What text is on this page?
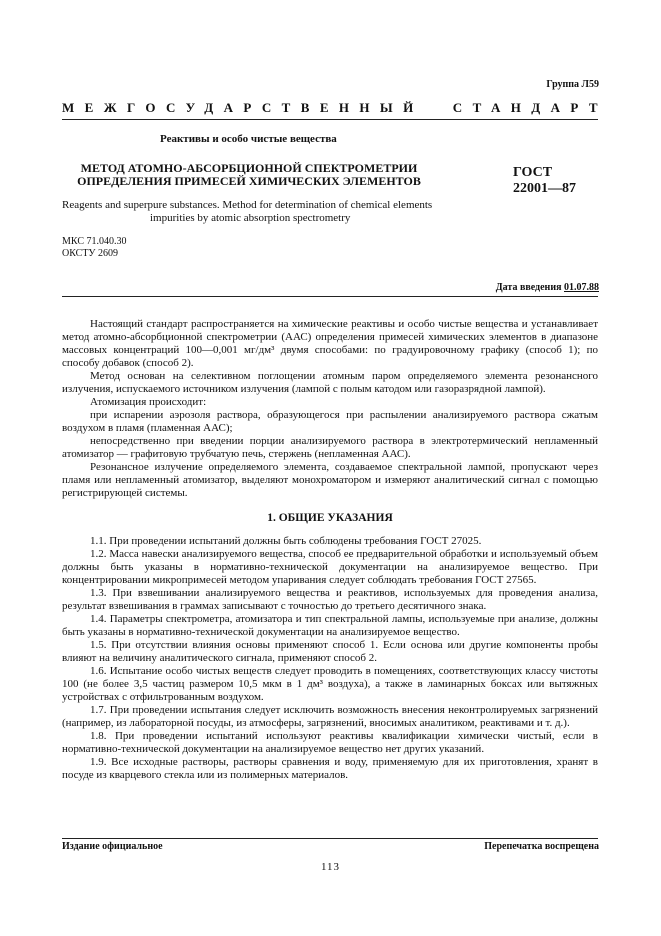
Группа Л59
МЕЖГОСУДАРСТВЕННЫЙ СТАНДАРТ
Реактивы и особо чистые вещества
МЕТОД АТОМНО-АБСОРБЦИОННОЙ СПЕКТРОМЕТРИИ
ОПРЕДЕЛЕНИЯ ПРИМЕСЕЙ ХИМИЧЕСКИХ ЭЛЕМЕНТОВ
ГОСТ
22001—87
Reagents and superpure substances. Method for determination of chemical elements
impurities by atomic absorption spectrometry
МКС 71.040.30
ОКСТУ 2609
Дата введения 01.07.88

Настоящий стандарт распространяется на химические реактивы и особо чистые вещества и устанавливает метод атомно-абсорбционной спектрометрии (ААС) определения примесей химических элементов в диапазоне массовых концентраций 100—0,001 мг/дм³ двумя способами: по градуировочному графику (способ 1); по способу добавок (способ 2).

Метод основан на селективном поглощении атомным паром определяемого элемента резонансного излучения, испускаемого источником излучения (лампой с полым катодом или газоразрядной лампой).

Атомизация происходит:

при испарении аэрозоля раствора, образующегося при распылении анализируемого раствора сжатым воздухом в пламя (пламенная ААС);

непосредственно при введении порции анализируемого раствора в электротермический непламенный атомизатор — графитовую трубчатую печь, стержень (непламенная ААС).

Резонансное излучение определяемого элемента, создаваемое спектральной лампой, пропускают через пламя или непламенный атомизатор, выделяют монохроматором и измеряют аналитический сигнал с помощью регистрирующей системы.

1. ОБЩИЕ УКАЗАНИЯ

1.1. При проведении испытаний должны быть соблюдены требования ГОСТ 27025.

1.2. Масса навески анализируемого вещества, способ ее предварительной обработки и используемый объем должны быть указаны в нормативно-технической документации на анализируемое вещество. При концентрировании микропримесей методом упаривания следует соблюдать требования ГОСТ 27565.

1.3. При взвешивании анализируемого вещества и реактивов, используемых для проведения анализа, результат взвешивания в граммах записывают с точностью до третьего десятичного знака.

1.4. Параметры спектрометра, атомизатора и тип спектральной лампы, используемые при анализе, должны быть указаны в нормативно-технической документации на анализируемое вещество.

1.5. При отсутствии влияния основы применяют способ 1. Если основа или другие компоненты пробы влияют на величину аналитического сигнала, применяют способ 2.

1.6. Испытание особо чистых веществ следует проводить в помещениях, соответствующих классу чистоты 100 (не более 3,5 частиц размером 10,5 мкм в 1 дм³ воздуха), а также в ламинарных боксах или вытяжных устройствах с отфильтрованным воздухом.

1.7. При проведении испытания следует исключить возможность внесения неконтролируемых загрязнений (например, из лабораторной посуды, из атмосферы, загрязнений, вносимых аналитиком, реактивами и т. д.).

1.8. При проведении испытаний используют реактивы квалификации химически чистый, если в нормативно-технической документации на анализируемое вещество нет других указаний.

1.9. Все исходные растворы, растворы сравнения и воду, применяемую для их приготовления, хранят в посуде из кварцевого стекла или из полимерных материалов.

Издание официальное	Перепечатка воспрещена
113
